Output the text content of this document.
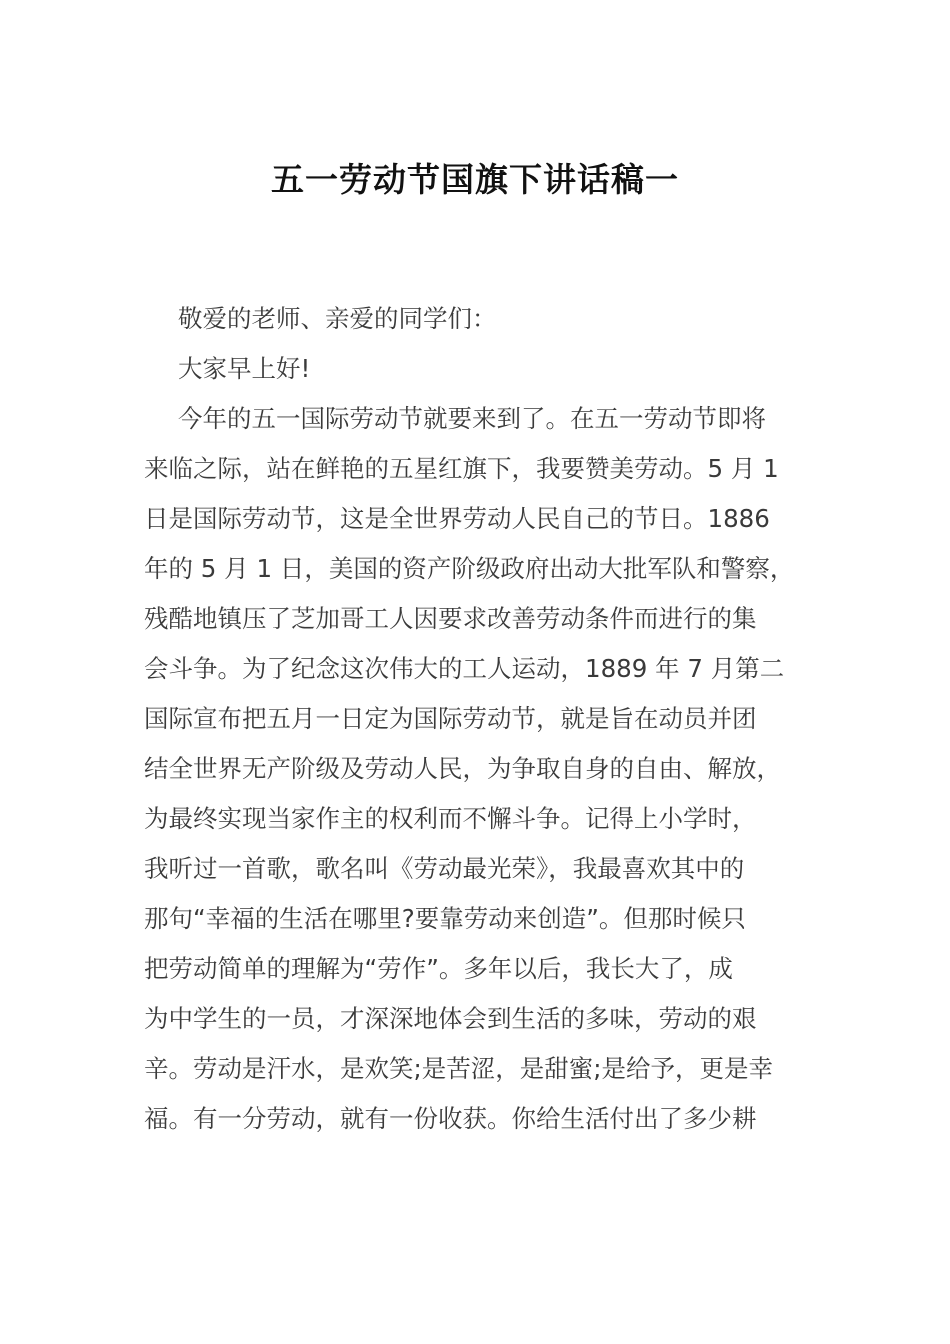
五一劳动节国旗下讲话稿一
敬爱的老师、亲爱的同学们：
大家早上好!
今年的五一国际劳动节就要来到了。在五一劳动节即将
来临之际，站在鲜艳的五星红旗下，我要赞美劳动。5 月 1
日是国际劳动节，这是全世界劳动人民自己的节日。1886
年的 5 月 1 日，美国的资产阶级政府出动大批军队和警察，
残酷地镇压了芝加哥工人因要求改善劳动条件而进行的集
会斗争。为了纪念这次伟大的工人运动，1889 年 7 月第二
国际宣布把五月一日定为国际劳动节，就是旨在动员并团
结全世界无产阶级及劳动人民，为争取自身的自由、解放，
为最终实现当家作主的权利而不懈斗争。记得上小学时，
我听过一首歌，歌名叫《劳动最光荣》，我最喜欢其中的
那句“幸福的生活在哪里?要靠劳动来创造”。但那时候只
把劳动简单的理解为“劳作”。多年以后，我长大了，成
为中学生的一员，才深深地体会到生活的多味，劳动的艰
辛。劳动是汗水，是欢笑;是苦涩，是甜蜜;是给予，更是幸
福。有一分劳动，就有一份收获。你给生活付出了多少耕
